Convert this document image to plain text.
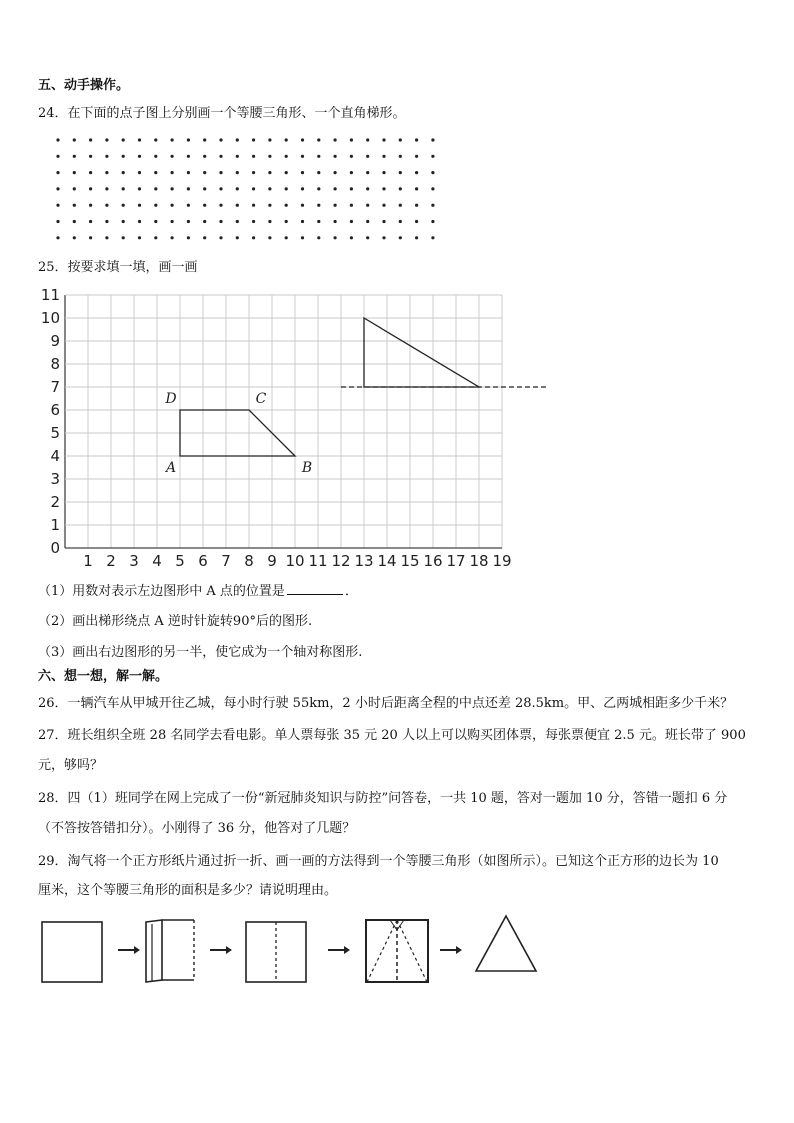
五、动手操作。
24．在下面的点子图上分别画一个等腰三角形、一个直角梯形。
25．按要求填一填，画一画
1 2 3 4 5 6 7 8 9 10 11 12 13 14 15 16 17 18 19
0
1
2
3
4
5
6
7
8
9
10
11
A	B
C
D
（1）用数对表示左边图形中 A 点的位置是	．
（2）画出梯形绕点 A 逆时针旋转90°后的图形.
（3）画出右边图形的另一半，使它成为一个轴对称图形.
六、想一想，解一解。
26．一辆汽车从甲城开往乙城，每小时行驶 55km，2 小时后距离全程的中点还差 28.5km。甲、乙两城相距多少千米？
27．班长组织全班 28 名同学去看电影。单人票每张 35 元 20 人以上可以购买团体票，每张票便宜 2.5 元。班长带了 900
元，够吗？
28．四（1）班同学在网上完成了一份“新冠肺炎知识与防控”问答卷，一共 10 题，答对一题加 10 分，答错一题扣 6 分
（不答按答错扣分）。小刚得了 36 分，他答对了几题？
29．淘气将一个正方形纸片通过折一折、画一画的方法得到一个等腰三角形（如图所示）。已知这个正方形的边长为 10
厘米，这个等腰三角形的面积是多少？请说明理由。
